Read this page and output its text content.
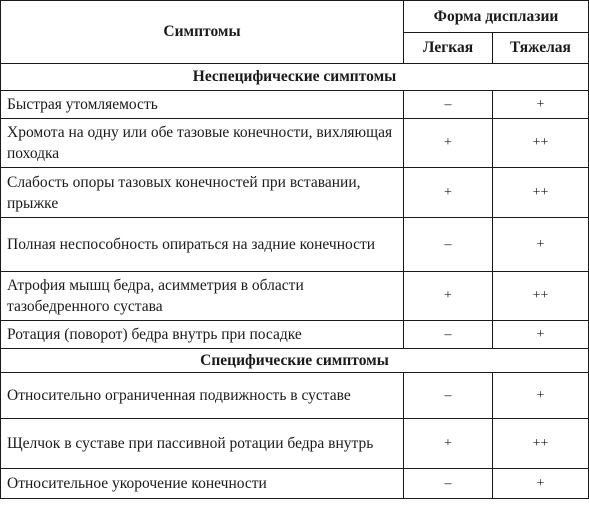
Симптомы	Форма дисплазии	
	Легкая	Тяжелая
Неспецифические симптомы		
Быстрая утомляемость	–	+
Хромота на одну или обе тазовые конечности, вихляющая походка	+	++
Слабость опоры тазовых конечностей при вставании, прыжке	+	++
Полная неспособность опираться на задние конечности	–	+
Атрофия мышц бедра, асимметрия в области тазобедренного сустава	+	++
Ротация (поворот) бедра внутрь при посадке	–	+
Специфические симптомы		
Относительно ограниченная подвижность в суставе	–	+
Щелчок в суставе при пассивной ротации бедра внутрь	+	++
Относительное укорочение конечности	–	+
